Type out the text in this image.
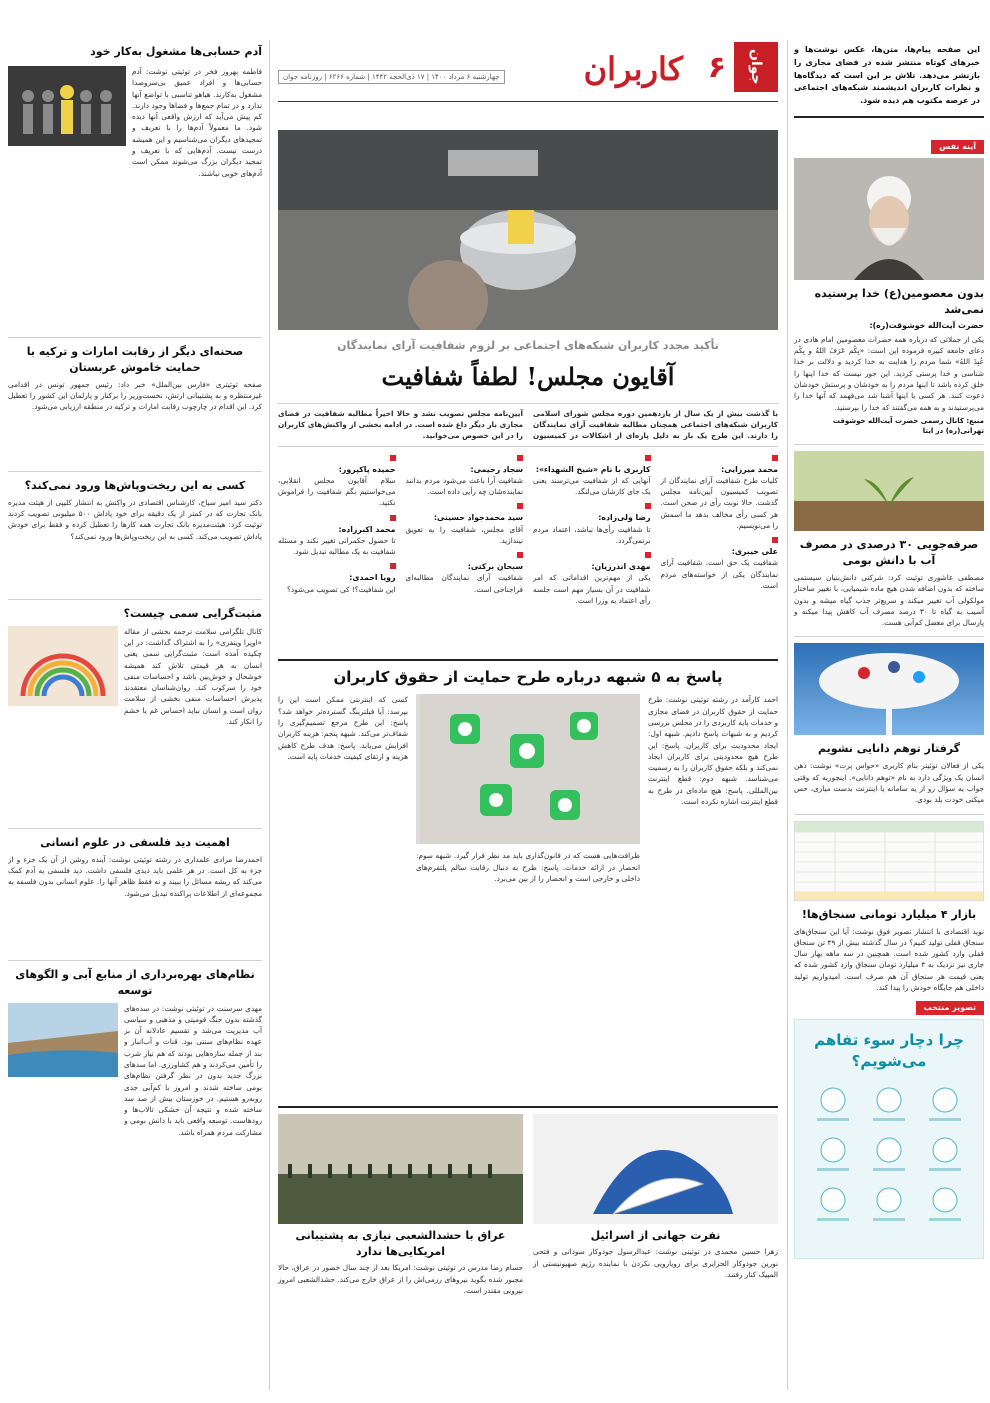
این صفحه پیام‌ها، متن‌ها، عکس نوشت‌ها و خبرهای کوتاه منتشر شده در فضای مجازی را بازنشر می‌دهد. تلاش بر این است که دیدگاه‌ها و نظرات کاربران اندیشمند شبکه‌های اجتماعی در عرصه مکتوب هم دیده شود.

آینه نفس
بدون معصومین(ع) خدا پرستیده نمی‌شد

حضرت آیت‌الله خوشوقت(ره):

یکی از جملاتی که درباره همه حضرات معصومین امام هادی در دعای جامعه کبیره فرموده این است: «بِکُم عَرَفَ اللهُ و بِکُم عُبِدَ اللهُ» شما مردم را هدایت به خدا کردید و دلالت بر خدا شناسی و خدا پرستی کردید. این جور نیست که خدا اینها را خلق کرده باشد تا اینها مردم را به خودشان و پرستش خودشان دعوت کنند. هر کسی با اینها آشنا شد می‌فهمد که آنها خدا را می‌پرستیدند و به همه می‌گفتند که خدا را بپرستید.

منبع: کانال رسمی حضرت آیت‌الله خوشوقت تهرانی(ره) در ایتا

صرفه‌جویی ۳۰ درصدی در مصرف آب با دانش بومی

مصطفی عاشوری توئیت کرد: شرکتی دانش‌بنیان سیستمی ساخته که بدون اضافه شدن هیچ ماده شیمیایی، با تغییر ساختار مولکولی آب تغییر میکند و سریع‌تر جذب گیاه میشه و بدون آسیب به گیاه تا ۳۰ درصد مصرف آب کاهش پیدا میکنه و پارسال برای معضل کم‌آبی هست.

گرفتار توهم دانایی نشویم

یکی از فعالان توئیتر بنام کاربری «حواس پرت» نوشت: ذهن انسان یک ویژگی دارد به نام «توهم دانایی». اینجوریه که وقتی جواب یه سؤال رو از یه سامانه یا اینترنت بدست میاری، حس میکنی خودت بلد بودی.

بازار ۴ میلیارد تومانی سنجاق‌ها!

نوید اقتصادی با انتشار تصویر فوق نوشت: آیا این سنجاق‌های سنجاق قفلی تولید کنیم؟ در سال گذشته بیش از ۴۹ تن سنجاق قفلی وارد کشور شده است. همچنین در سه ماهه بهار سال جاری نیز نزدیک به ۴ میلیارد تومان سنجاق وارد کشور شده که یعنی قیمت هر سنجاق آن هم صرف است. امیدواریم تولید داخلی هم جایگاه خودش را پیدا کند.

تصویر منتخب
چرا دچار سوء تفاهم می‌شویم؟
جوان
۶
کاربران
چهارشنبه ۶ مرداد ۱۴۰۰ | ۱۷ ذی‌الحجه ۱۴۴۲ | شماره ۶۲۶۶ | روزنامه جوان

تأکید مجدد کاربران شبکه‌های اجتماعی بر لزوم شفافیت آرای نمایندگان

آقایون مجلس! لطفاً شفافیت

با گذشت بیش از یک سال از یازدهمین دوره مجلس شورای اسلامی کاربران شبکه‌های اجتماعی همچنان مطالبه شفافیت آرای نمایندگان را دارند. این طرح یک بار به دلیل پاره‌ای از اشکالات در کمیسیون آیین‌نامه مجلس تصویب نشد و حالا اخیراً مطالبه شفافیت در فضای مجازی بار دیگر داغ شده است. در ادامه بخشی از واکنش‌های کاربران را در این خصوص می‌خوانید.

محمد میرزایی:

کلیات طرح شفافیت آرای نمایندگان از تصویب کمیسیون آیین‌نامه مجلس گذشت. حالا نوبت رأی در صحن است. هر کسی رأی مخالف بدهد ما اسمش را می‌نویسیم.

علی خیبری:

شفافیت یک حق است. شفافیت آرای نمایندگان یکی از خواسته‌های مردم است.

کاربری با نام «شیخ الشهداء»:

آنهایی که از شفافیت می‌ترسند یعنی یک جای کارشان می‌لنگد.

رضا ولی‌زاده:

تا شفافیت رأی‌ها نباشد، اعتماد مردم برنمی‌گردد.

مهدی اندرزیان:

یکی از مهم‌ترین اقداماتی که امر شفافیت در آن بسیار مهم است جلسه رأی اعتماد به وزرا است.

سجاد رحیمی:

شفافیت آرا باعث می‌شود مردم بدانند نماینده‌شان چه رأیی داده است.

سید محمدجواد حسینی:

آقای مجلس، شفافیت را به تعویق نیندازید.

سبحان برکتی:

شفافیت آرای نمایندگان مطالبه‌ای فراجناحی است.

حمیده پاکپرور:

سلام آقایون مجلس انقلابی، می‌خواستیم بگم شفافیت را فراموش نکنید.

محمد اکبرزاده:

تا حصول حکمرانی تغییر نکند و مسئله شفافیت به یک مطالبه تبدیل شود.

رویا احمدی:

این شفافیت؟! کی تصویب می‌شود؟

پاسخ به ۵ شبهه درباره طرح حمایت از حقوق کاربران

احمد کارآمد در رشته توئیتی نوشت: طرح حمایت از حقوق کاربران در فضای مجازی و خدمات پایه کاربردی را در مجلس بررسی کردیم و به شبهات پاسخ دادیم. شبهه اول: ایجاد محدودیت برای کاربران. پاسخ: این طرح هیچ محدودیتی برای کاربران ایجاد نمی‌کند و بلکه حقوق کاربران را به رسمیت می‌شناسد. شبهه دوم: قطع اینترنت بین‌المللی. پاسخ: هیچ ماده‌ای در طرح به قطع اینترنت اشاره نکرده است.

ظرافت‌هایی هست که در قانون‌گذاری باید مد نظر قرار گیرد. شبهه سوم: انحصار در ارائه خدمات. پاسخ: طرح به دنبال رقابت سالم پلتفرم‌های داخلی و خارجی است و انحصار را از بین می‌برد.

کسی که اینترنتی ممکن است این را بپرسد: آیا فیلترینگ گسترده‌تر خواهد شد؟ پاسخ: این طرح مرجع تصمیم‌گیری را شفاف‌تر می‌کند. شبهه پنجم: هزینه کاربران افزایش می‌یابد. پاسخ: هدف طرح کاهش هزینه و ارتقای کیفیت خدمات پایه است.

نفرت جهانی از اسرائیل

زهرا حسین محمدی در توئیتی نوشت: عبدالرسول جودوکار سودانی و فتحی نورین جودوکار الجزایری برای رویارویی نکردن با نماینده رژیم صهیونیستی از المپیک کنار رفتند.

عراق با حشدالشعبی نیازی به پشتیبانی امریکایی‌ها ندارد

حسام رضا مدرس در توئیتی نوشت: امریکا بعد از چند سال حضور در عراق، حالا مجبور شده بگوید نیروهای رزمی‌اش را از عراق خارج می‌کند. حشدالشعبی امروز نیرویی مقتدر است.

آدم حسابی‌ها مشغول به‌کار خود

فاطمه بهروز فخر در توئیتی نوشت: آدم حسابی‌ها و افراد عمیق بی‌سروصدا مشغول به‌کارند. هیاهو تناسبی با تواضع آنها ندارد و در تمام جمع‌ها و فضاها وجود دارند. کم پیش می‌آید که ارزش واقعی آنها دیده شود. ما معمولاً آدم‌ها را با تعریف و تمجیدهای دیگران می‌شناسیم و این همیشه درست نیست. آدم‌هایی که با تعریف و تمجید دیگران بزرگ می‌شوند ممکن است آدم‌های خوبی نباشند.

صحنه‌ای دیگر از رقابت امارات و ترکیه با حمایت خاموش عربستان

صفحه توئیتری «فارس بین‌الملل» خبر داد: رئیس جمهور تونس در اقدامی غیرمنتظره و به پشتیبانی ارتش، نخست‌وزیر را برکنار و پارلمان این کشور را تعطیل کرد. این اقدام در چارچوب رقابت امارات و ترکیه در منطقه ارزیابی می‌شود.

کسی به این ریخت‌وپاش‌ها ورود نمی‌کند؟

دکتر سید امیر سیاح، کارشناس اقتصادی در واکنش به انتشار کلیپی از هیئت مدیره بانک تجارت که در کمتر از یک دقیقه برای خود پاداش ۵۰۰ میلیونی تصویب کردند توئیت کرد: هیئت‌مدیره بانک تجارت همه کارها را تعطیل کرده و فقط برای خودش پاداش تصویب می‌کند. کسی به این ریخت‌وپاش‌ها ورود نمی‌کند؟

مثبت‌گرایی سمی چیست؟

کانال تلگرامی سلامت ترجمه بخشی از مقاله «اوپرا وینفری» را به اشتراک گذاشت: در این چکیده آمده است: مثبت‌گرایی سمی یعنی انسان به هر قیمتی تلاش کند همیشه خوشحال و خوش‌بین باشد و احساسات منفی خود را سرکوب کند. روان‌شناسان معتقدند پذیرش احساسات منفی بخشی از سلامت روان است و انسان نباید احساس غم یا خشم را انکار کند.

اهمیت دید فلسفی در علوم انسانی

احمدرضا مرادی علمداری در رشته توئیتی نوشت: آینده روشن از آن یک جزء و از جزء به کل است. در هر علمی باید دیدی فلسفی داشت. دید فلسفی به آدم کمک می‌کند که ریشه مسائل را ببیند و نه فقط ظاهر آنها را. علوم انسانی بدون فلسفه به مجموعه‌ای از اطلاعات پراکنده تبدیل می‌شود.

نظام‌های بهره‌برداری از منابع آبی و الگوهای توسعه

مهدی سرسنت در توئیتی نوشت: در سده‌های گذشته بدون جنگ قومیتی و مذهبی و سیاسی آب مدیریت می‌شد و تقسیم عادلانه آن بر عهده نظام‌های سنتی بود. قنات و آب‌انبار و بند از جمله سازه‌هایی بودند که هم نیاز شرب را تأمین می‌کردند و هم کشاورزی. اما سدهای بزرگ جدید بدون در نظر گرفتن نظام‌های بومی ساخته شدند و امروز با کم‌آبی جدی روبه‌رو هستیم. در خوزستان بیش از صد سد ساخته شده و نتیجه آن خشکی تالاب‌ها و رودهاست. توسعه واقعی باید با دانش بومی و مشارکت مردم همراه باشد.
